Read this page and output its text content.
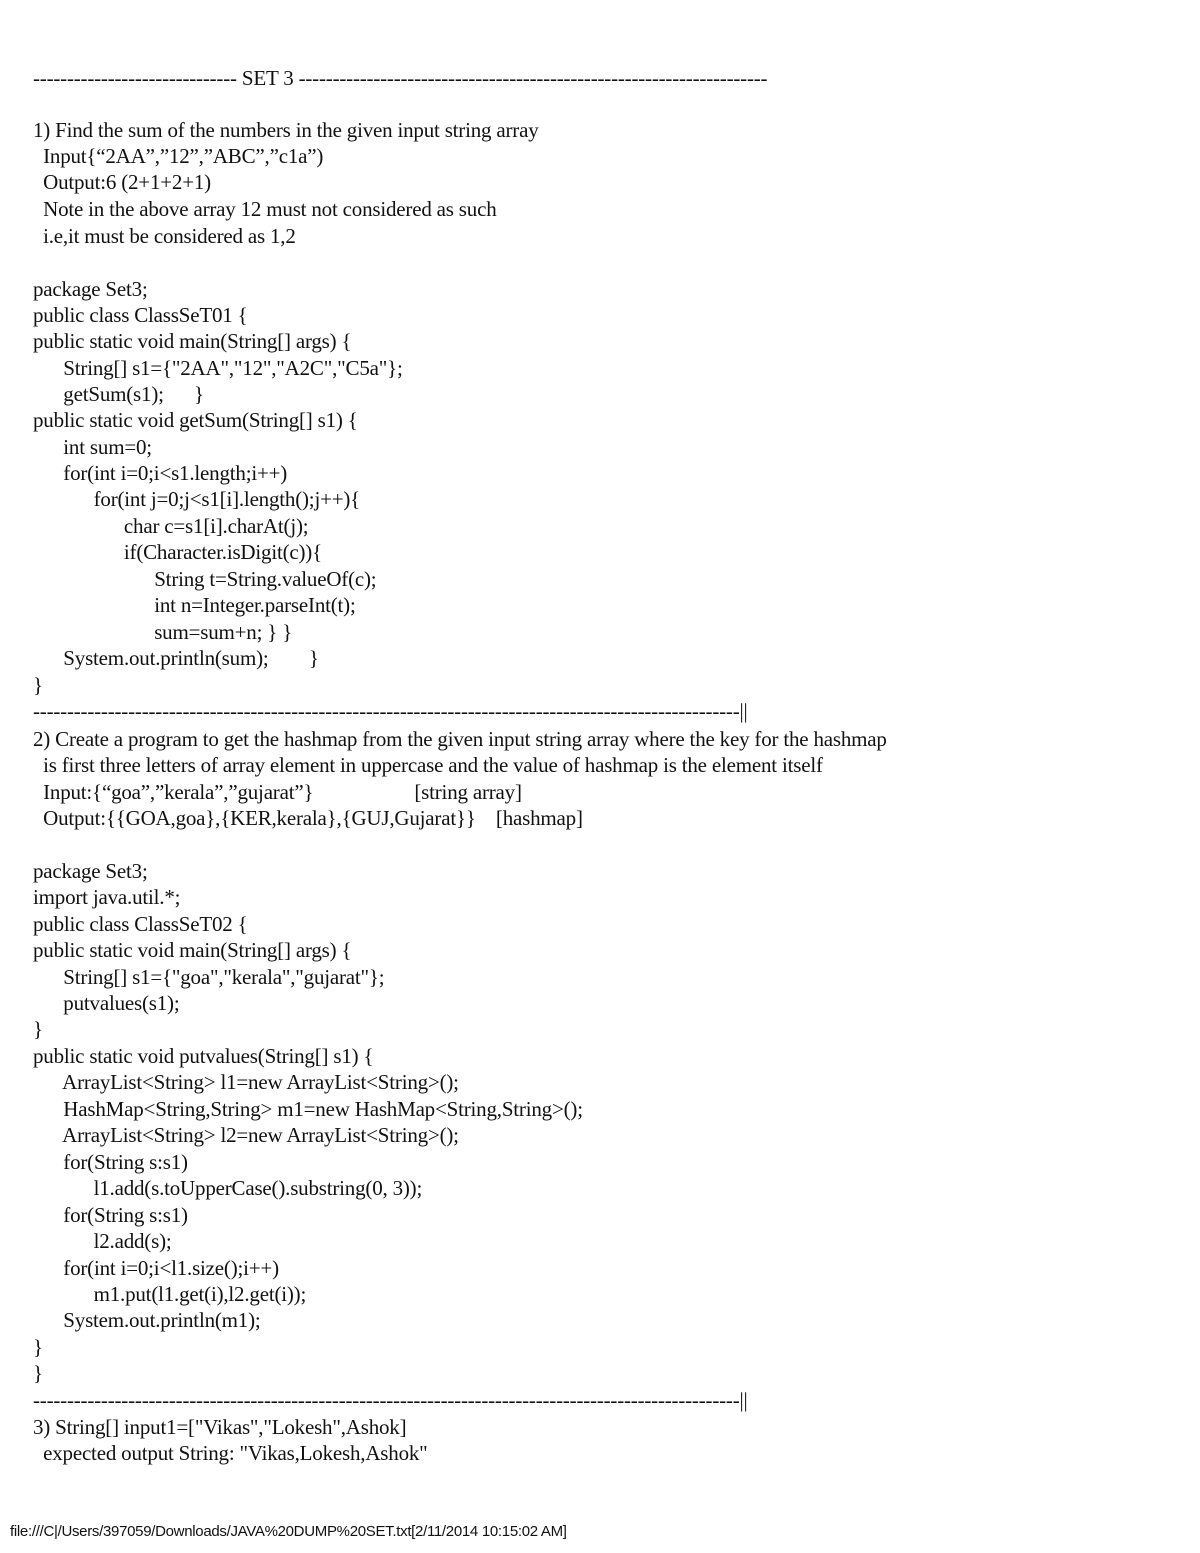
------------------------------ SET 3 ---------------------------------------------------------------------
1) Find the sum of the numbers in the given input string array
Input{“2AA”,”12”,”ABC”,”c1a”)
Output:6 (2+1+2+1)
Note in the above array 12 must not considered as such
i.e,it must be considered as 1,2
package Set3;
public class ClassSeT01 {
public static void main(String[] args) {
String[] s1={"2AA","12","A2C","C5a"};
getSum(s1);      }
public static void getSum(String[] s1) {
int sum=0;
for(int i=0;i<s1.length;i++)
for(int j=0;j<s1[i].length();j++){
char c=s1[i].charAt(j);
if(Character.isDigit(c)){
String t=String.valueOf(c);
int n=Integer.parseInt(t);
sum=sum+n; } }
System.out.println(sum);        }
}
--------------------------------------------------------------------------------------------------------||
2) Create a program to get the hashmap from the given input string array where the key for the hashmap
is first three letters of array element in uppercase and the value of hashmap is the element itself
Input:{“goa”,”kerala”,”gujarat”}                    [string array]
Output:{{GOA,goa},{KER,kerala},{GUJ,Gujarat}}    [hashmap]
package Set3;
import java.util.*;
public class ClassSeT02 {
public static void main(String[] args) {
String[] s1={"goa","kerala","gujarat"};
putvalues(s1);
}
public static void putvalues(String[] s1) {
ArrayList<String> l1=new ArrayList<String>();
HashMap<String,String> m1=new HashMap<String,String>();
ArrayList<String> l2=new ArrayList<String>();
for(String s:s1)
l1.add(s.toUpperCase().substring(0, 3));
for(String s:s1)
l2.add(s);
for(int i=0;i<l1.size();i++)
m1.put(l1.get(i),l2.get(i));
System.out.println(m1);
}
}
--------------------------------------------------------------------------------------------------------||
3) String[] input1=["Vikas","Lokesh",Ashok]
expected output String: "Vikas,Lokesh,Ashok"
file:///C|/Users/397059/Downloads/JAVA%20DUMP%20SET.txt[2/11/2014 10:15:02 AM]
